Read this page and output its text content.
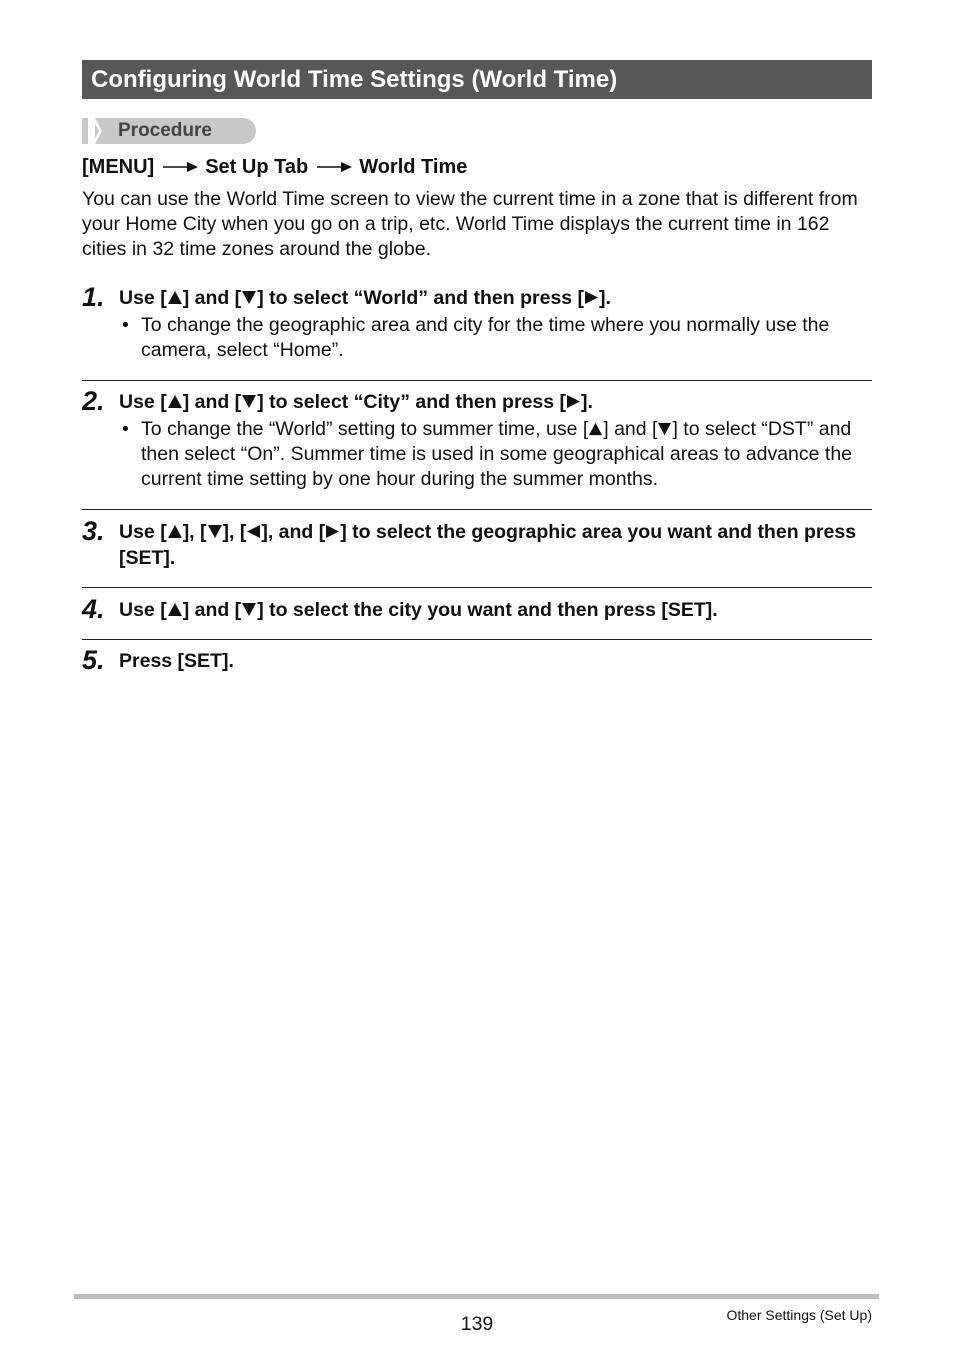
Configuring World Time Settings (World Time)
Procedure
[MENU]	Set Up Tab	World Time

You can use the World Time screen to view the current time in a zone that is different from your Home City when you go on a trip, etc. World Time displays the current time in 162 cities in 32 time zones around the globe.

1. Use [ ] and [ ] to select “World” and then press [ ].

• To change the geographic area and city for the time where you normally use the camera, select “Home”.
2. Use [ ] and [ ] to select “City” and then press [ ].

• To change the “World” setting to summer time, use [ ] and [ ] to select “DST” and then select “On”. Summer time is used in some geographical areas to advance the current time setting by one hour during the summer months.
3. Use [ ], [ ], [ ], and [ ] to select the geographic area you want and then press [SET].

4. Use [ ] and [ ] to select the city you want and then press [SET].

5. Press [SET].

139	Other Settings (Set Up)
